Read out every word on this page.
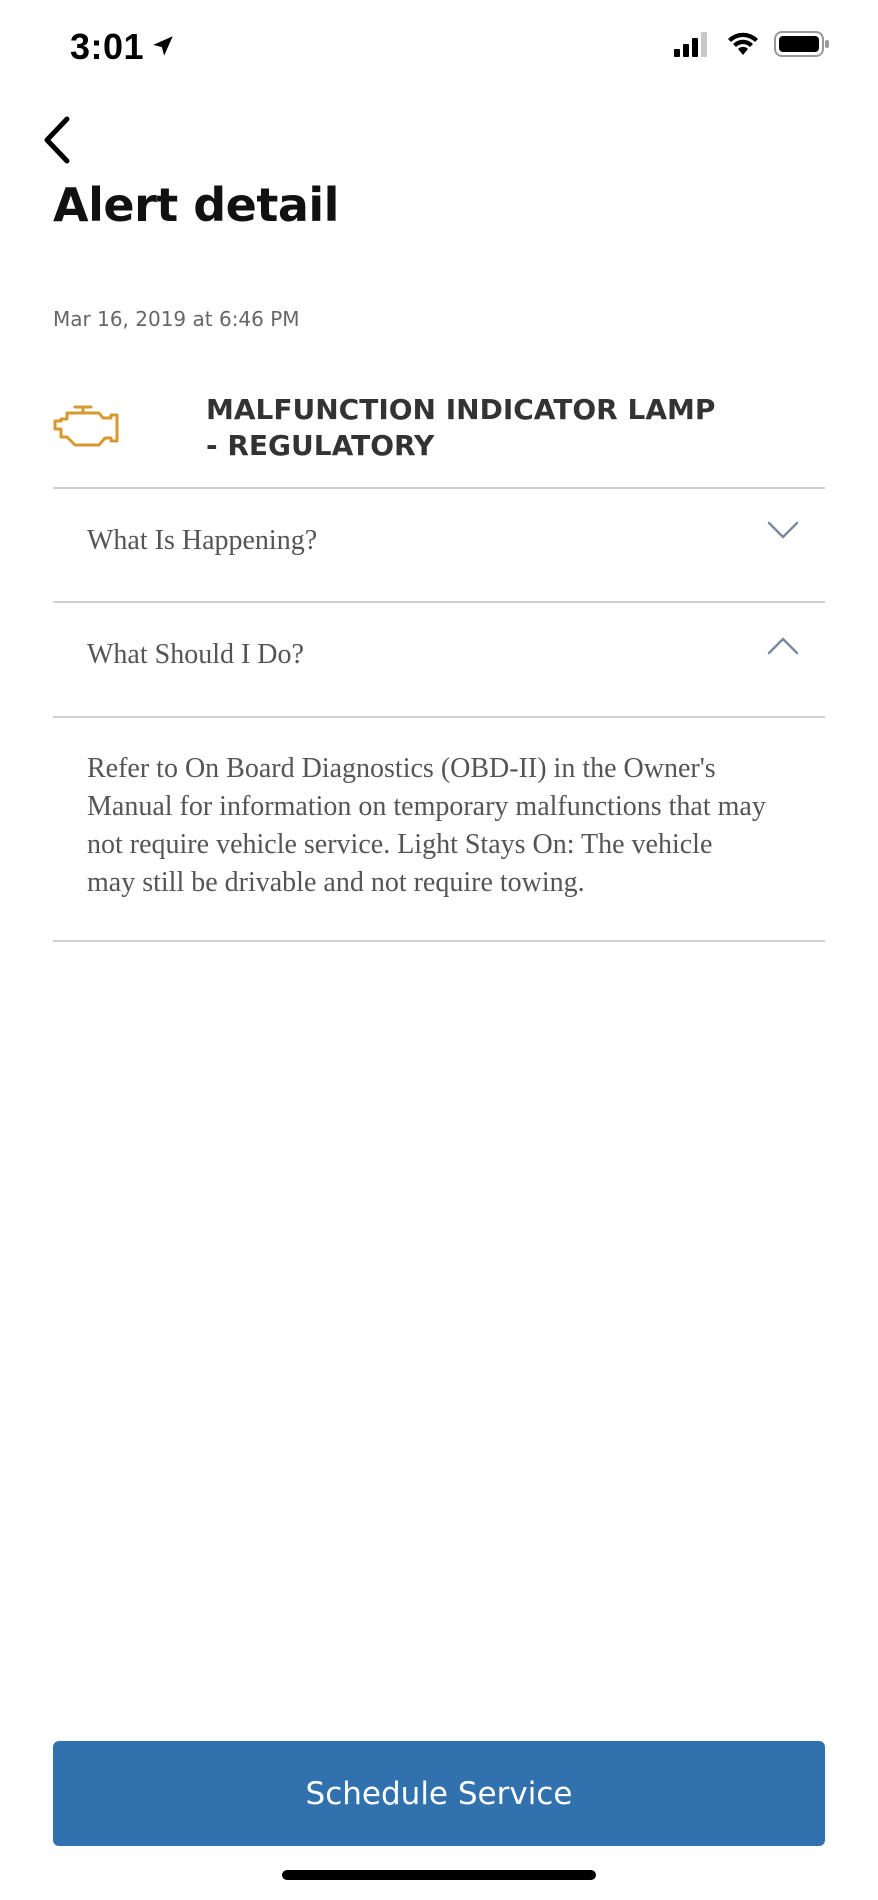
3:01
Alert detail
Mar 16, 2019 at 6:46 PM
MALFUNCTION INDICATOR LAMP
- REGULATORY
What Is Happening?
What Should I Do?
Refer to On Board Diagnostics (OBD-II) in the Owner's Manual for information on temporary malfunctions that may not require vehicle service. Light Stays On: The vehicle may still be drivable and not require towing.
Schedule Service
